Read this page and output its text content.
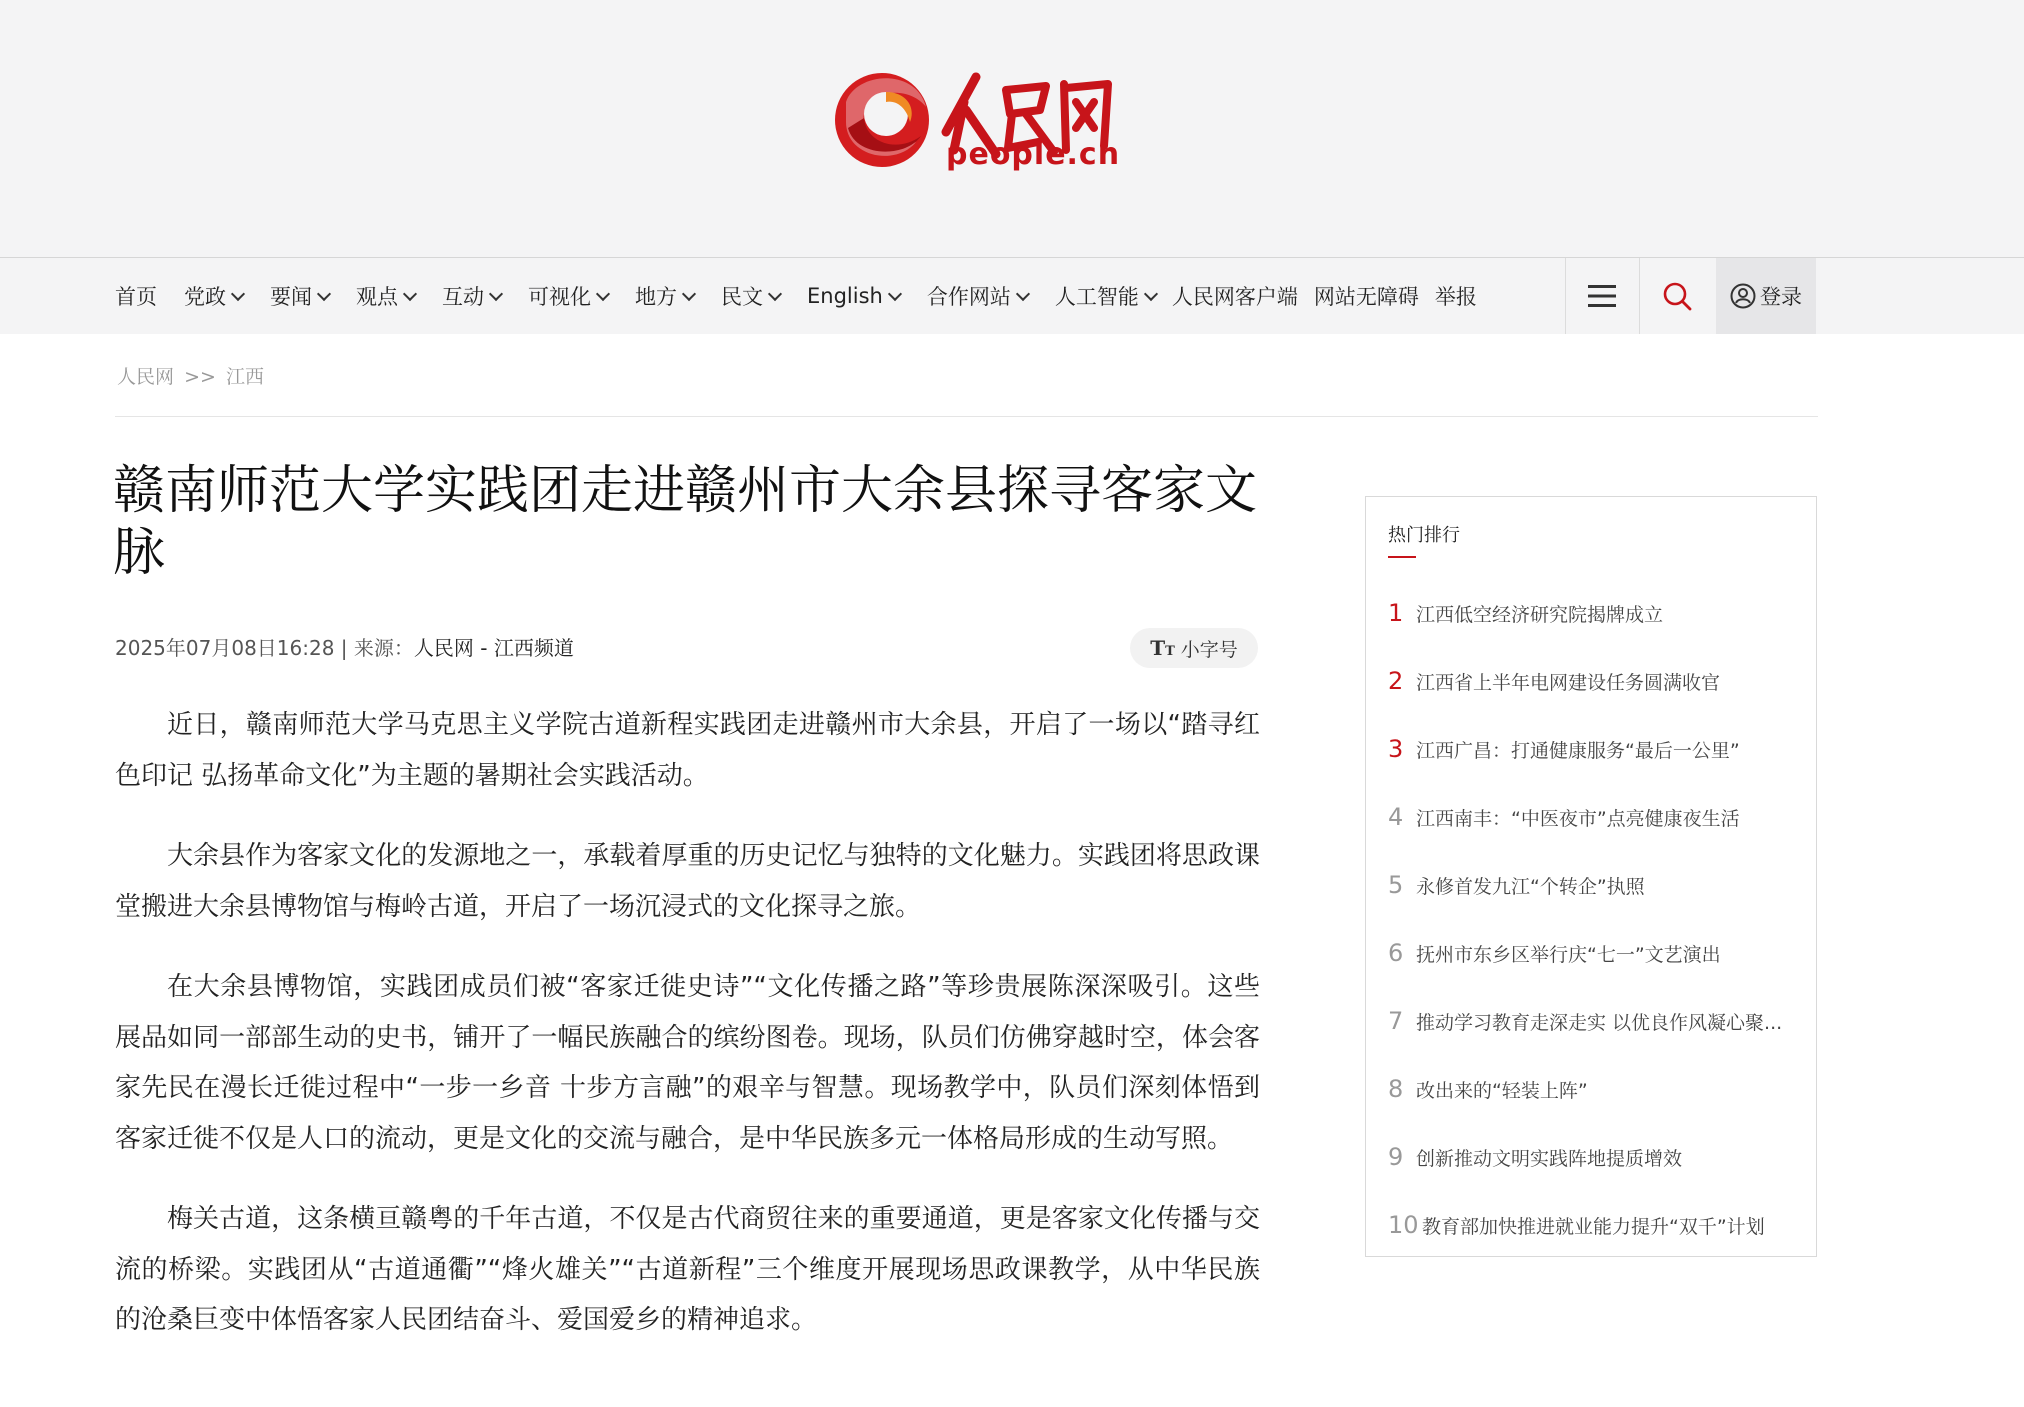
people.cn
首页 党政 要闻 观点 互动 可视化 地方 民文 English 合作网站 人工智能 人民网客户端 网站无障碍 举报	登录
人民网 >> 江西
赣南师范大学实践团走进赣州市大余县探寻客家文脉
2025年07月08日16:28 | 来源：人民网 - 江西频道	TT 小字号

近日，赣南师范大学马克思主义学院古道新程实践团走进赣州市大余县，开启了一场以“踏寻红色印记 弘扬革命文化”为主题的暑期社会实践活动。

大余县作为客家文化的发源地之一，承载着厚重的历史记忆与独特的文化魅力。实践团将思政课堂搬进大余县博物馆与梅岭古道，开启了一场沉浸式的文化探寻之旅。

在大余县博物馆，实践团成员们被“客家迁徙史诗”“文化传播之路”等珍贵展陈深深吸引。这些展品如同一部部生动的史书，铺开了一幅民族融合的缤纷图卷。现场，队员们仿佛穿越时空，体会客家先民在漫长迁徙过程中“一步一乡音 十步方言融”的艰辛与智慧。现场教学中，队员们深刻体悟到客家迁徙不仅是人口的流动，更是文化的交流与融合，是中华民族多元一体格局形成的生动写照。

梅关古道，这条横亘赣粤的千年古道，不仅是古代商贸往来的重要通道，更是客家文化传播与交流的桥梁。实践团从“古道通衢”“烽火雄关”“古道新程”三个维度开展现场思政课教学，从中华民族的沧桑巨变中体悟客家人民团结奋斗、爱国爱乡的精神追求。

热门排行
1 江西低空经济研究院揭牌成立
2 江西省上半年电网建设任务圆满收官
3 江西广昌：打通健康服务“最后一公里”
4 江西南丰：“中医夜市”点亮健康夜生活
5 永修首发九江“个转企”执照
6 抚州市东乡区举行庆“七一”文艺演出
7 推动学习教育走深走实 以优良作风凝心聚...
8 改出来的“轻装上阵”
9 创新推动文明实践阵地提质增效
10 教育部加快推进就业能力提升“双千”计划
